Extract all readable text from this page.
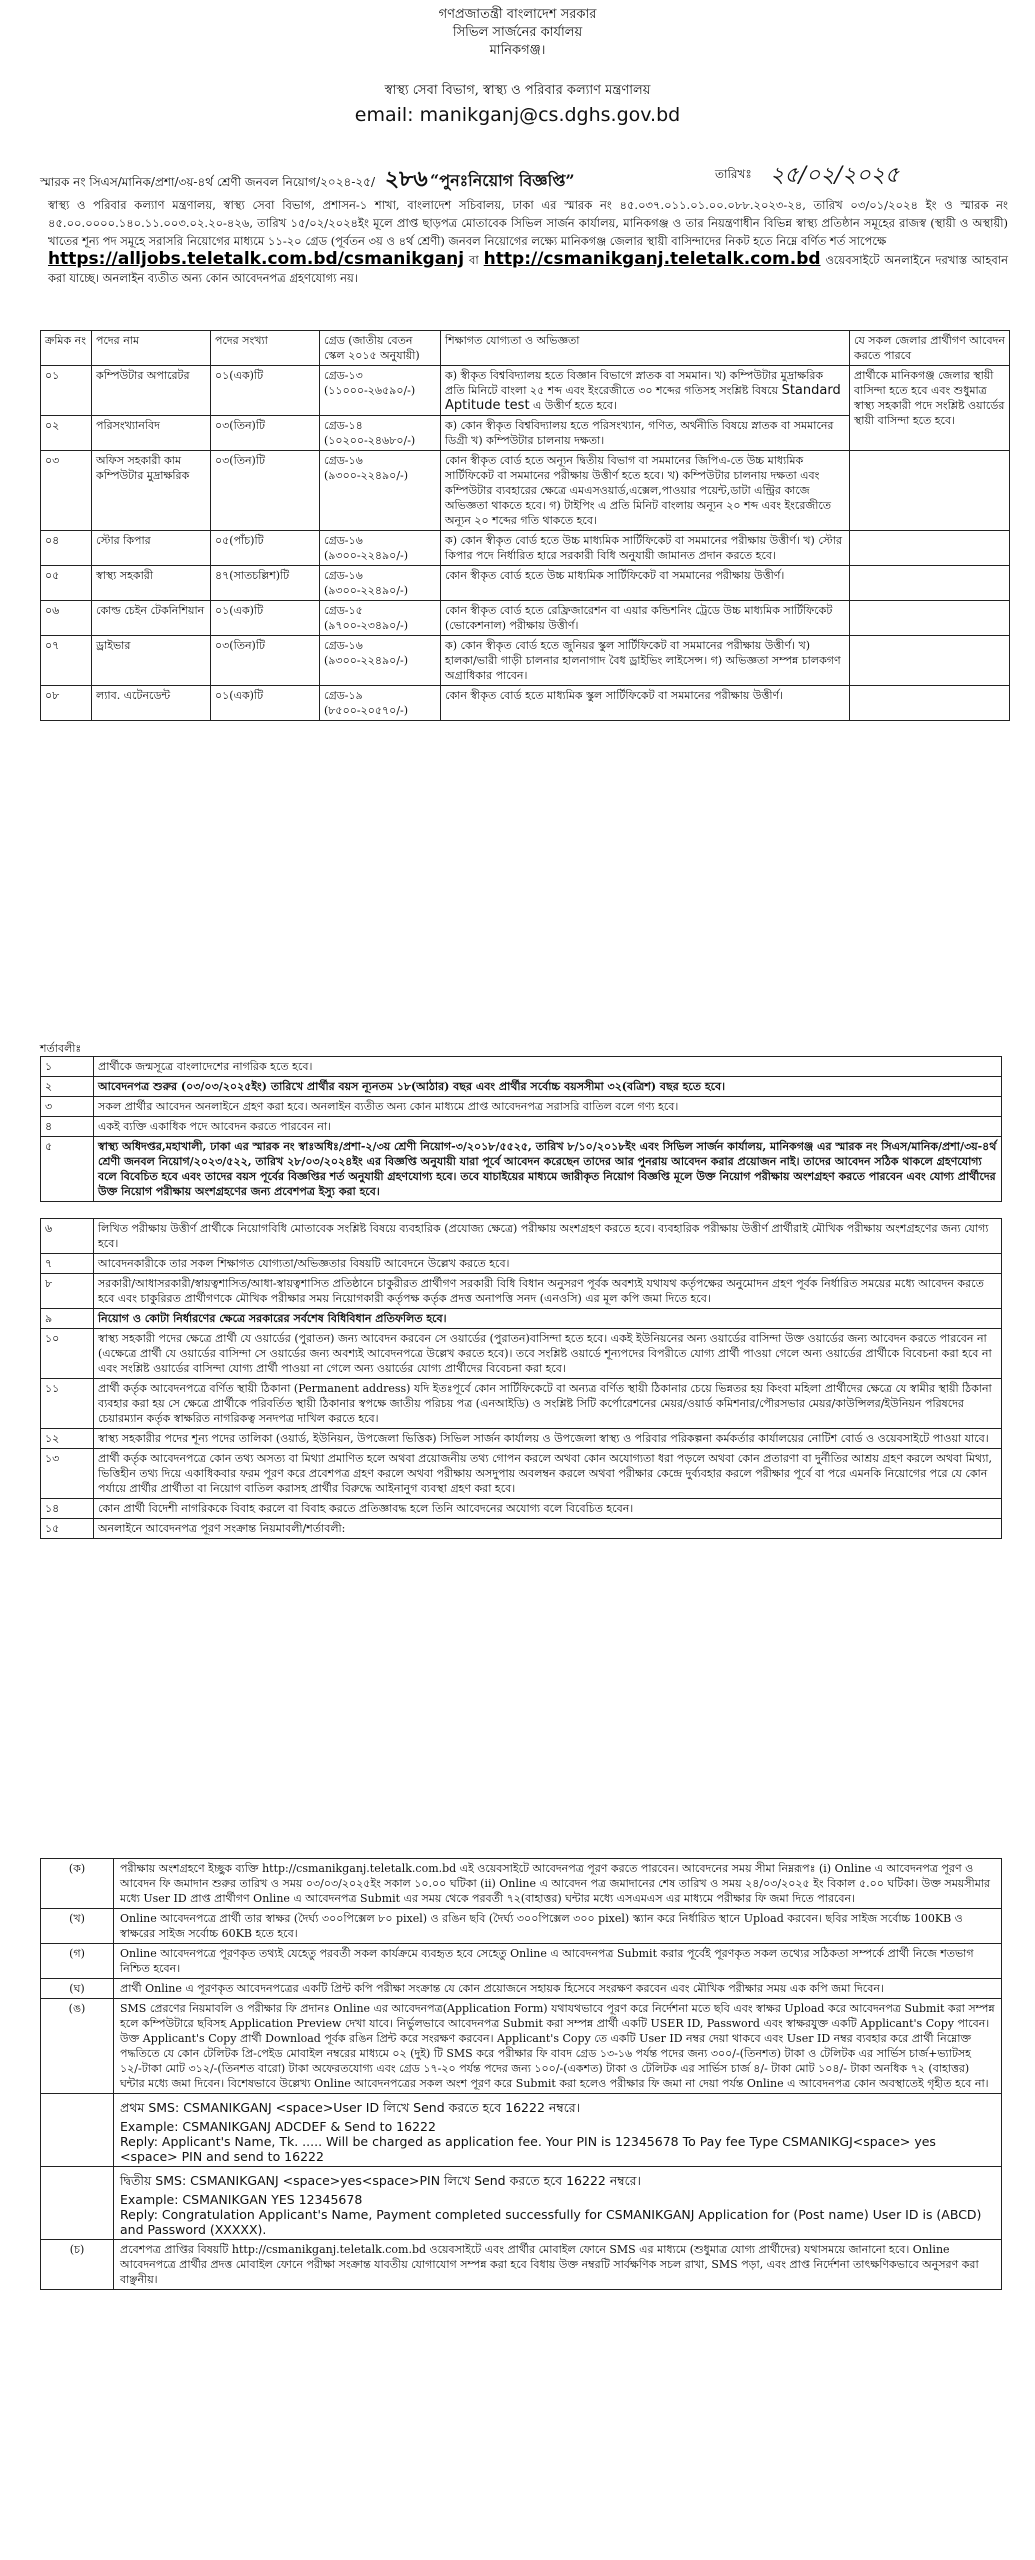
গণপ্রজাতন্ত্রী বাংলাদেশ সরকার
সিভিল সার্জনের কার্যালয়
মানিকগঞ্জ।
স্বাস্থ্য সেবা বিভাগ, স্বাস্থ্য ও পরিবার কল্যাণ মন্ত্রণালয়
email: manikganj@cs.dghs.gov.bd
স্মারক নং সিএস/মানিক/প্রশা/৩য়-৪র্থ শ্রেণী জনবল নিয়োগ/২০২৪-২৫/ ২৮৬ “পুনঃনিয়োগ বিজ্ঞপ্তি”	তারিখঃ ২৫/০২/২০২৫
স্বাস্থ্য ও পরিবার কল্যাণ মন্ত্রণালয়, স্বাস্থ্য সেবা বিভাগ, প্রশাসন-১ শাখা, বাংলাদেশ সচিবালয়, ঢাকা এর স্মারক নং ৪৫.০৩৭.০১১.০১.০০.০৮৮.২০২৩-২৪, তারিখ ০৩/০১/২০২৪ ইং ও স্মারক নং ৪৫.০০.০০০০.১৪০.১১.০০৩.০২.২০-৪২৬, তারিখ ১৫/০২/২০২৪ইং মূলে প্রাপ্ত ছাড়পত্র মোতাবেক সিভিল সার্জন কার্যালয়, মানিকগঞ্জ ও তার নিয়ন্ত্রণাধীন বিভিন্ন স্বাস্থ্য প্রতিষ্ঠান সমূহের রাজস্ব (স্থায়ী ও অস্থায়ী) খাতের শূন্য পদ সমূহে সরাসরি নিয়োগের মাধ্যমে ১১-২০ গ্রেড (পূর্বতন ৩য় ও ৪র্থ শ্রেণী) জনবল নিয়োগের লক্ষ্যে মানিকগঞ্জ জেলার স্থায়ী বাসিন্দাদের নিকট হতে নিম্নে বর্ণিত শর্ত সাপেক্ষে
https://alljobs.teletalk.com.bd/csmanikganj বা http://csmanikganj.teletalk.com.bd ওয়েবসাইটে অনলাইনে দরখাস্ত আহবান করা যাচ্ছে। অনলাইন ব্যতীত অন্য কোন আবেদনপত্র গ্রহণযোগ্য নয়।
ক্রমিক নং	পদের নাম	পদের সংখ্যা	গ্রেড (জাতীয় বেতন স্কেল ২০১৫ অনুযায়ী)	শিক্ষাগত যোগ্যতা ও অভিজ্ঞতা	যে সকল জেলার প্রার্থীগণ আবেদন করতে পারবে
০১	কম্পিউটার অপারেটর	০১(এক)টি	গ্রেড-১৩ (১১০০০-২৬৫৯০/-)	ক) স্বীকৃত বিশ্ববিদ্যালয় হতে বিজ্ঞান বিভাগে স্নাতক বা সমমান। খ) কম্পিউটার মুদ্রাক্ষরিক প্রতি মিনিটে বাংলা ২৫ শব্দ এবং ইংরেজীতে ৩০ শব্দের গতিসহ সংশ্লিষ্ট বিষয়ে Standard Aptitude test এ উত্তীর্ণ হতে হবে।	প্রার্থীকে মানিকগঞ্জ জেলার স্থায়ী বাসিন্দা হতে হবে এবং শুধুমাত্র স্বাস্থ্য সহকারী পদে সংশ্লিষ্ট ওয়ার্ডের স্থায়ী বাসিন্দা হতে হবে।
০২	পরিসংখ্যানবিদ	০৩(তিন)টি	গ্রেড-১৪ (১০২০০-২৪৬৮০/-)	ক) কোন স্বীকৃত বিশ্ববিদ্যালয় হতে পরিসংখ্যান, গণিত, অর্থনীতি বিষয়ে স্নাতক বা সমমানের ডিগ্রী খ) কম্পিউটার চালনায় দক্ষতা।	
০৩	অফিস সহকারী কাম কম্পিউটার মুদ্রাক্ষরিক	০৩(তিন)টি	গ্রেড-১৬ (৯৩০০-২২৪৯০/-)	কোন স্বীকৃত বোর্ড হতে অন্যূন দ্বিতীয় বিভাগ বা সমমানের জিপিএ-তে উচ্চ মাধ্যমিক সার্টিফিকেট বা সমমানের পরীক্ষায় উত্তীর্ণ হতে হবে। খ) কম্পিউটার চালনায় দক্ষতা এবং কম্পিউটার ব্যবহারের ক্ষেত্রে এমএসওয়ার্ড,এক্সেল,পাওয়ার পয়েন্ট,ডাটা এন্ট্রির কাজে অভিজ্ঞতা থাকতে হবে। গ) টাইপিং এ প্রতি মিনিট বাংলায় অন্যূন ২০ শব্দ এবং ইংরেজীতে অন্যূন ২০ শব্দের গতি থাকতে হবে।	
০৪	স্টোর কিপার	০৫(পাঁচ)টি	গ্রেড-১৬ (৯৩০০-২২৪৯০/-)	ক) কোন স্বীকৃত বোর্ড হতে উচ্চ মাধ্যমিক সার্টিফিকেট বা সমমানের পরীক্ষায় উত্তীর্ণ। খ) স্টোর কিপার পদে নির্ধারিত হারে সরকারী বিধি অনুযায়ী জামানত প্রদান করতে হবে।	
০৫	স্বাস্থ্য সহকারী	৪৭(সাতচল্লিশ)টি	গ্রেড-১৬ (৯৩০০-২২৪৯০/-)	কোন স্বীকৃত বোর্ড হতে উচ্চ মাধ্যমিক সার্টিফিকেট বা সমমানের পরীক্ষায় উত্তীর্ণ।	
০৬	কোল্ড চেইন টেকনিশিয়ান	০১(এক)টি	গ্রেড-১৫ (৯৭০০-২৩৪৯০/-)	কোন স্বীকৃত বোর্ড হতে রেফ্রিজারেশন বা এয়ার কন্ডিশনিং ট্রেডে উচ্চ মাধ্যমিক সার্টিফিকেট (ভোকেশনাল) পরীক্ষায় উত্তীর্ণ।	
০৭	ড্রাইভার	০৩(তিন)টি	গ্রেড-১৬ (৯৩০০-২২৪৯০/-)	ক) কোন স্বীকৃত বোর্ড হতে জুনিয়র স্কুল সার্টিফিকেট বা সমমানের পরীক্ষায় উত্তীর্ণ। খ) হালকা/ভারী গাড়ী চালনার হালনাগাদ বৈধ ড্রাইভিং লাইসেন্স। গ) অভিজ্ঞতা সম্পন্ন চালকগণ অগ্রাধিকার পাবেন।	
০৮	ল্যাব. এটেনডেন্ট	০১(এক)টি	গ্রেড-১৯ (৮৫০০-২০৫৭০/-)	কোন স্বীকৃত বোর্ড হতে মাধ্যমিক স্কুল সার্টিফিকেট বা সমমানের পরীক্ষায় উত্তীর্ণ।	
শর্তাবলীঃ
১	প্রার্থীকে জন্মসূত্রে বাংলাদেশের নাগরিক হতে হবে।
২	আবেদনপত্র শুরুর (০৩/০৩/২০২৫ইং) তারিখে প্রার্থীর বয়স ন্যূনতম ১৮(আঠার) বছর এবং প্রার্থীর সর্বোচ্চ বয়সসীমা ৩২(বত্রিশ) বছর হতে হবে।
৩	সকল প্রার্থীর আবেদন অনলাইনে গ্রহণ করা হবে। অনলাইন ব্যতীত অন্য কোন মাধ্যমে প্রাপ্ত আবেদনপত্র সরাসরি বাতিল বলে গণ্য হবে।
৪	একই ব্যক্তি একাধিক পদে আবেদন করতে পারবেন না।
৫	স্বাস্থ্য অধিদপ্তর,মহাখালী, ঢাকা এর স্মারক নং স্বাঃঅধিঃ/প্রশা-২/৩য় শ্রেণী নিয়োগ-৩/২০১৮/৫৫২৫, তারিখ ৮/১০/২০১৮ইং এবং সিভিল সার্জন কার্যালয়, মানিকগঞ্জ এর স্মারক নং সিএস/মানিক/প্রশা/৩য়-৪র্থ শ্রেণী জনবল নিয়োগ/২০২৩/৫২২, তারিখ ২৮/০৩/২০২৪ইং এর বিজ্ঞপ্তি অনুযায়ী যারা পূর্বে আবেদন করেছেন তাদের আর পুনরায় আবেদন করার প্রয়োজন নাই। তাদের আবেদন সঠিক থাকলে গ্রহণযোগ্য বলে বিবেচিত হবে এবং তাদের বয়স পূর্বের বিজ্ঞপ্তির শর্ত অনুযায়ী গ্রহণযোগ্য হবে। তবে যাচাইয়ের মাধ্যমে জারীকৃত নিয়োগ বিজ্ঞপ্তি মূলে উক্ত নিয়োগ পরীক্ষায় অংশগ্রহণ করতে পারবেন এবং যোগ্য প্রার্থীদের উক্ত নিয়োগ পরীক্ষায় অংশগ্রহণের জন্য প্রবেশপত্র ইস্যু করা হবে।
৬	লিখিত পরীক্ষায় উত্তীর্ণ প্রার্থীকে নিয়োগবিধি মোতাবেক সংশ্লিষ্ট বিষয়ে ব্যবহারিক (প্রযোজ্য ক্ষেত্রে) পরীক্ষায় অংশগ্রহণ করতে হবে। ব্যবহারিক পরীক্ষায় উত্তীর্ণ প্রার্থীরাই মৌখিক পরীক্ষায় অংশগ্রহণের জন্য যোগ্য হবে।
৭	আবেদনকারীকে তার সকল শিক্ষাগত যোগ্যতা/অভিজ্ঞতার বিষয়টি আবেদনে উল্লেখ করতে হবে।
৮	সরকারী/আধাসরকারী/স্বায়ত্বশাসিত/আধা-স্বায়ত্বশাসিত প্রতিষ্ঠানে চাকুরীরত প্রার্থীগণ সরকারী বিধি বিধান অনুসরণ পূর্বক অবশ্যই যথাযথ কর্তৃপক্ষের অনুমোদন গ্রহণ পূর্বক নির্ধারিত সময়ের মধ্যে আবেদন করতে হবে এবং চাকুরিরত প্রার্থীগণকে মৌখিক পরীক্ষার সময় নিয়োগকারী কর্তৃপক্ষ কর্তৃক প্রদত্ত অনাপত্তি সনদ (এনওসি) এর মূল কপি জমা দিতে হবে।
৯	নিয়োগ ও কোটা নির্ধারণের ক্ষেত্রে সরকারের সর্বশেষ বিধিবিধান প্রতিফলিত হবে।
১০	স্বাস্থ্য সহকারী পদের ক্ষেত্রে প্রার্থী যে ওয়ার্ডের (পুরাতন) জন্য আবেদন করবেন সে ওয়ার্ডের (পুরাতন)বাসিন্দা হতে হবে। একই ইউনিয়নের অন্য ওয়ার্ডের বাসিন্দা উক্ত ওয়ার্ডের জন্য আবেদন করতে পারবেন না (এক্ষেত্রে প্রার্থী যে ওয়ার্ডের বাসিন্দা সে ওয়ার্ডের জন্য অবশ্যই আবেদনপত্রে উল্লেখ করতে হবে)। তবে সংশ্লিষ্ট ওয়ার্ডে শূন্যপদের বিপরীতে যোগ্য প্রার্থী পাওয়া গেলে অন্য ওয়ার্ডের প্রার্থীকে বিবেচনা করা হবে না এবং সংশ্লিষ্ট ওয়ার্ডের বাসিন্দা যোগ্য প্রার্থী পাওয়া না গেলে অন্য ওয়ার্ডের যোগ্য প্রার্থীদের বিবেচনা করা হবে।
১১	প্রার্থী কর্তৃক আবেদনপত্রে বর্ণিত স্থায়ী ঠিকানা (Permanent address) যদি ইতঃপূর্বে কোন সার্টিফিকেটে বা অন্যত্র বর্ণিত স্থায়ী ঠিকানার চেয়ে ভিন্নতর হয় কিংবা মহিলা প্রার্থীদের ক্ষেত্রে যে স্বামীর স্থায়ী ঠিকানা ব্যবহার করা হয় সে ক্ষেত্রে প্রার্থীকে পরিবর্তিত স্থায়ী ঠিকানার স্বপক্ষে জাতীয় পরিচয় পত্র (এনআইডি) ও সংশ্লিষ্ট সিটি কর্পোরেশনের মেয়র/ওয়ার্ড কমিশনার/পৌরসভার মেয়র/কাউন্সিলর/ইউনিয়ন পরিষদের চেয়ারম্যান কর্তৃক স্বাক্ষরিত নাগরিকত্ব সনদপত্র দাখিল করতে হবে।
১২	স্বাস্থ্য সহকারীর পদের শূন্য পদের তালিকা (ওয়ার্ড, ইউনিয়ন, উপজেলা ভিত্তিক) সিভিল সার্জন কার্যালয় ও উপজেলা স্বাস্থ্য ও পরিবার পরিকল্পনা কর্মকর্তার কার্যালয়ের নোটিশ বোর্ড ও ওয়েবসাইটে পাওয়া যাবে।
১৩	প্রার্থী কর্তৃক আবেদনপত্রে কোন তথ্য অসত্য বা মিথ্যা প্রমাণিত হলে অথবা প্রয়োজনীয় তথ্য গোপন করলে অথবা কোন অযোগ্যতা ধরা পড়লে অথবা কোন প্রতারণা বা দুর্নীতির আশ্রয় গ্রহণ করলে অথবা মিথ্যা, ভিত্তিহীন তথ্য দিয়ে একাধিকবার ফরম পূরণ করে প্রবেশপত্র গ্রহণ করলে অথবা পরীক্ষায় অসদুপায় অবলম্বন করলে অথবা পরীক্ষার কেন্দ্রে দুর্ব্যবহার করলে পরীক্ষার পূর্বে বা পরে এমনকি নিয়োগের পরে যে কোন পর্যায়ে প্রার্থীর প্রার্থীতা বা নিয়োগ বাতিল করাসহ প্রার্থীর বিরুদ্ধে আইনানুগ ব্যবস্থা গ্রহণ করা হবে।
১৪	কোন প্রার্থী বিদেশী নাগরিককে বিবাহ করলে বা বিবাহ করতে প্রতিজ্ঞাবদ্ধ হলে তিনি আবেদনের অযোগ্য বলে বিবেচিত হবেন।
১৫	অনলাইনে আবেদনপত্র পূরণ সংক্রান্ত নিয়মাবলী/শর্তাবলী:
(ক)	পরীক্ষায় অংশগ্রহণে ইচ্ছুক ব্যক্তি http://csmanikganj.teletalk.com.bd এই ওয়েবসাইটে আবেদনপত্র পূরণ করতে পারবেন। আবেদনের সময় সীমা নিম্নরূপঃ (i) Online এ আবেদনপত্র পূরণ ও আবেদন ফি জমাদান শুরুর তারিখ ও সময় ০৩/০৩/২০২৫ইং সকাল ১০.০০ ঘটিকা (ii) Online এ আবেদন পত্র জমাদানের শেষ তারিখ ও সময় ২৪/০৩/২০২৫ ইং বিকাল ৫.০০ ঘটিকা। উক্ত সময়সীমার মধ্যে User ID প্রাপ্ত প্রার্থীগণ Online এ আবেদনপত্র Submit এর সময় থেকে পরবর্তী ৭২(বাহাত্তর) ঘন্টার মধ্যে এসএমএস এর মাধ্যমে পরীক্ষার ফি জমা দিতে পারবেন।
(খ)	Online আবেদনপত্রে প্রার্থী তার স্বাক্ষর (দৈর্ঘ্য ৩০০পিক্সেল ৮০ pixel) ও রঙিন ছবি (দৈর্ঘ্য ৩০০পিক্সেল ৩০০ pixel) স্ক্যান করে নির্ধারিত স্থানে Upload করবেন। ছবির সাইজ সর্বোচ্চ 100KB ও স্বাক্ষরের সাইজ সর্বোচ্চ 60KB হতে হবে।
(গ)	Online আবেদনপত্রে পূরণকৃত তথ্যই যেহেতু পরবর্তী সকল কার্যক্রমে ব্যবহৃত হবে সেহেতু Online এ আবেদনপত্র Submit করার পূর্বেই পূরণকৃত সকল তথ্যের সঠিকতা সম্পর্কে প্রার্থী নিজে শতভাগ নিশ্চিত হবেন।
(ঘ)	প্রার্থী Online এ পূরণকৃত আবেদনপত্রের একটি প্রিন্ট কপি পরীক্ষা সংক্রান্ত যে কোন প্রয়োজনে সহায়ক হিসেবে সংরক্ষণ করবেন এবং মৌখিক পরীক্ষার সময় এক কপি জমা দিবেন।
(ঙ)	SMS প্রেরণের নিয়মাবলি ও পরীক্ষার ফি প্রদানঃ Online এর আবেদনপত্র(Application Form) যথাযথভাবে পূরণ করে নির্দেশনা মতে ছবি এবং স্বাক্ষর Upload করে আবেদনপত্র Submit করা সম্পন্ন হলে কম্পিউটারে ছবিসহ Application Preview দেখা যাবে। নির্ভুলভাবে আবেদনপত্র Submit করা সম্পন্ন প্রার্থী একটি USER ID, Password এবং স্বাক্ষরযুক্ত একটি Applicant's Copy পাবেন। উক্ত Applicant's Copy প্রার্থী Download পূর্বক রঙিন প্রিন্ট করে সংরক্ষণ করবেন। Applicant's Copy তে একটি User ID নম্বর দেয়া থাকবে এবং User ID নম্বর ব্যবহার করে প্রার্থী নিম্নোক্ত পদ্ধতিতে যে কোন টেলিটক প্রি-পেইড মোবাইল নম্বরের মাধ্যমে ০২ (দুই) টি SMS করে পরীক্ষার ফি বাবদ গ্রেড ১৩-১৬ পর্যন্ত পদের জন্য ৩০০/-(তিনশত) টাকা ও টেলিটক এর সার্ভিস চার্জ+ভ্যাটসহ ১২/-টাকা মোট ৩১২/-(তিনশত বারো) টাকা অফেরতযোগ্য এবং গ্রেড ১৭-২০ পর্যন্ত পদের জন্য ১০০/-(একশত) টাকা ও টেলিটক এর সার্ভিস চার্জ ৪/- টাকা মোট ১০৪/- টাকা অনধিক ৭২ (বাহাত্তর) ঘন্টার মধ্যে জমা দিবেন। বিশেষভাবে উল্লেখ্য Online আবেদনপত্রের সকল অংশ পূরণ করে Submit করা হলেও পরীক্ষার ফি জমা না দেয়া পর্যন্ত Online এ আবেদনপত্র কোন অবস্থাতেই গৃহীত হবে না।

	প্রথম SMS: CSMANIKGANJ <space>User ID লিখে Send করতে হবে 16222 নম্বরে।
Example: CSMANIKGANJ ADCDEF & Send to 16222
Reply: Applicant's Name, Tk. ..... Will be charged as application fee. Your PIN is 12345678 To Pay fee Type CSMANIKGJ<space> yes <space> PIN and send to 16222

	দ্বিতীয় SMS: CSMANIKGANJ <space>yes<space>PIN লিখে Send করতে হবে 16222 নম্বরে।
Example: CSMANIKGAN YES 12345678
Reply: Congratulation Applicant's Name, Payment completed successfully for CSMANIKGANJ Application for (Post name) User ID is (ABCD) and Password (XXXXX).

(চ)	প্রবেশপত্র প্রাপ্তির বিষয়টি http://csmanikganj.teletalk.com.bd ওয়েবসাইটে এবং প্রার্থীর মোবাইল ফোনে SMS এর মাধ্যমে (শুধুমাত্র যোগ্য প্রার্থীদের) যথাসময়ে জানানো হবে। Online আবেদনপত্রে প্রার্থীর প্রদত্ত মোবাইল ফোনে পরীক্ষা সংক্রান্ত যাবতীয় যোগাযোগ সম্পন্ন করা হবে বিধায় উক্ত নম্বরটি সার্বক্ষণিক সচল রাখা, SMS পড়া, এবং প্রাপ্ত নির্দেশনা তাৎক্ষণিকভাবে অনুসরণ করা বাঞ্ছনীয়।
